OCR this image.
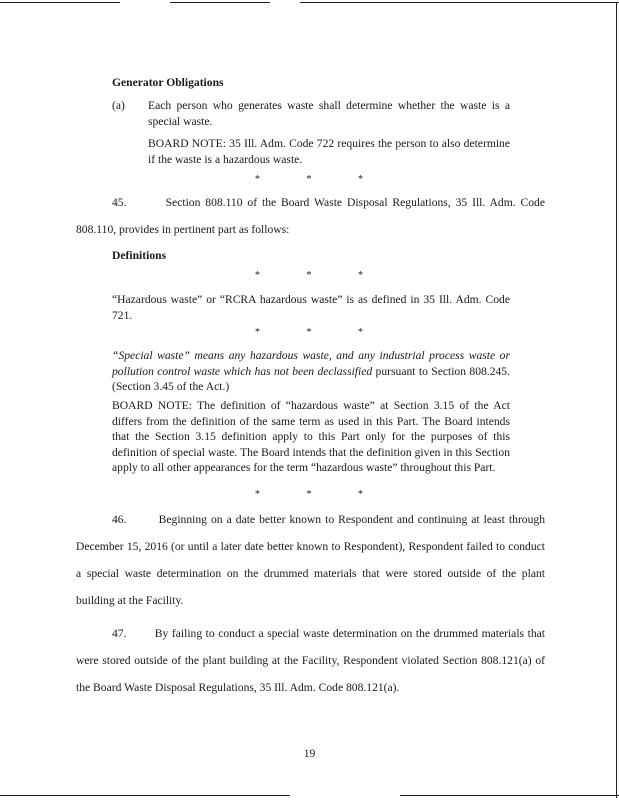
Generator Obligations
(a) Each person who generates waste shall determine whether the waste is a special waste.
BOARD NOTE: 35 Ill. Adm. Code 722 requires the person to also determine if the waste is a hazardous waste.
* * *
45.        Section 808.110 of the Board Waste Disposal Regulations, 35 Ill. Adm. Code 808.110, provides in pertinent part as follows:
Definitions
* * *
“Hazardous waste” or “RCRA hazardous waste” is as defined in 35 Ill. Adm. Code 721.
* * *
“Special waste” means any hazardous waste, and any industrial process waste or pollution control waste which has not been declassified pursuant to Section 808.245. (Section 3.45 of the Act.)
BOARD NOTE: The definition of “hazardous waste” at Section 3.15 of the Act differs from the definition of the same term as used in this Part. The Board intends that the Section 3.15 definition apply to this Part only for the purposes of this definition of special waste. The Board intends that the definition given in this Section apply to all other appearances for the term “hazardous waste” throughout this Part.
* * *
46.        Beginning on a date better known to Respondent and continuing at least through December 15, 2016 (or until a later date better known to Respondent), Respondent failed to conduct a special waste determination on the drummed materials that were stored outside of the plant building at the Facility.
47.        By failing to conduct a special waste determination on the drummed materials that were stored outside of the plant building at the Facility, Respondent violated Section 808.121(a) of the Board Waste Disposal Regulations, 35 Ill. Adm. Code 808.121(a).
19
